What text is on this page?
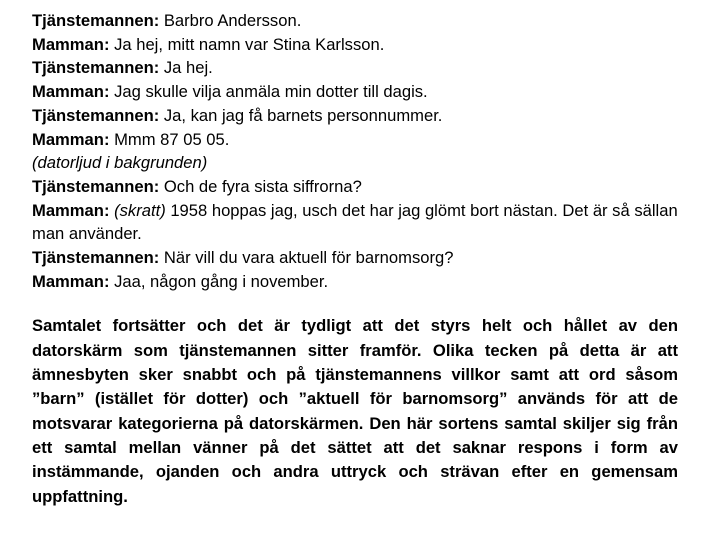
Tjänstemannen: Barbro Andersson.

Mamman: Ja hej, mitt namn var Stina Karlsson.

Tjänstemannen: Ja hej.

Mamman: Jag skulle vilja anmäla min dotter till dagis.

Tjänstemannen: Ja, kan jag få barnets personnummer.

Mamman: Mmm 87 05 05.

(datorljud i bakgrunden)

Tjänstemannen: Och de fyra sista siffrorna?

Mamman: (skratt) 1958 hoppas jag, usch det har jag glömt bort nästan. Det är så sällan man använder.

Tjänstemannen: När vill du vara aktuell för barnomsorg?

Mamman: Jaa, någon gång i november.

Samtalet fortsätter och det är tydligt att det styrs helt och hållet av den datorskärm som tjänstemannen sitter framför. Olika tecken på detta är att ämnesbyten sker snabbt och på tjänstemannens villkor samt att ord såsom ”barn” (istället för dotter) och ”aktuell för barnomsorg” används för att de motsvarar kategorierna på datorskärmen. Den här sortens samtal skiljer sig från ett samtal mellan vänner på det sättet att det saknar respons i form av instämmande, ojanden och andra uttryck och strävan efter en gemensam uppfattning.
